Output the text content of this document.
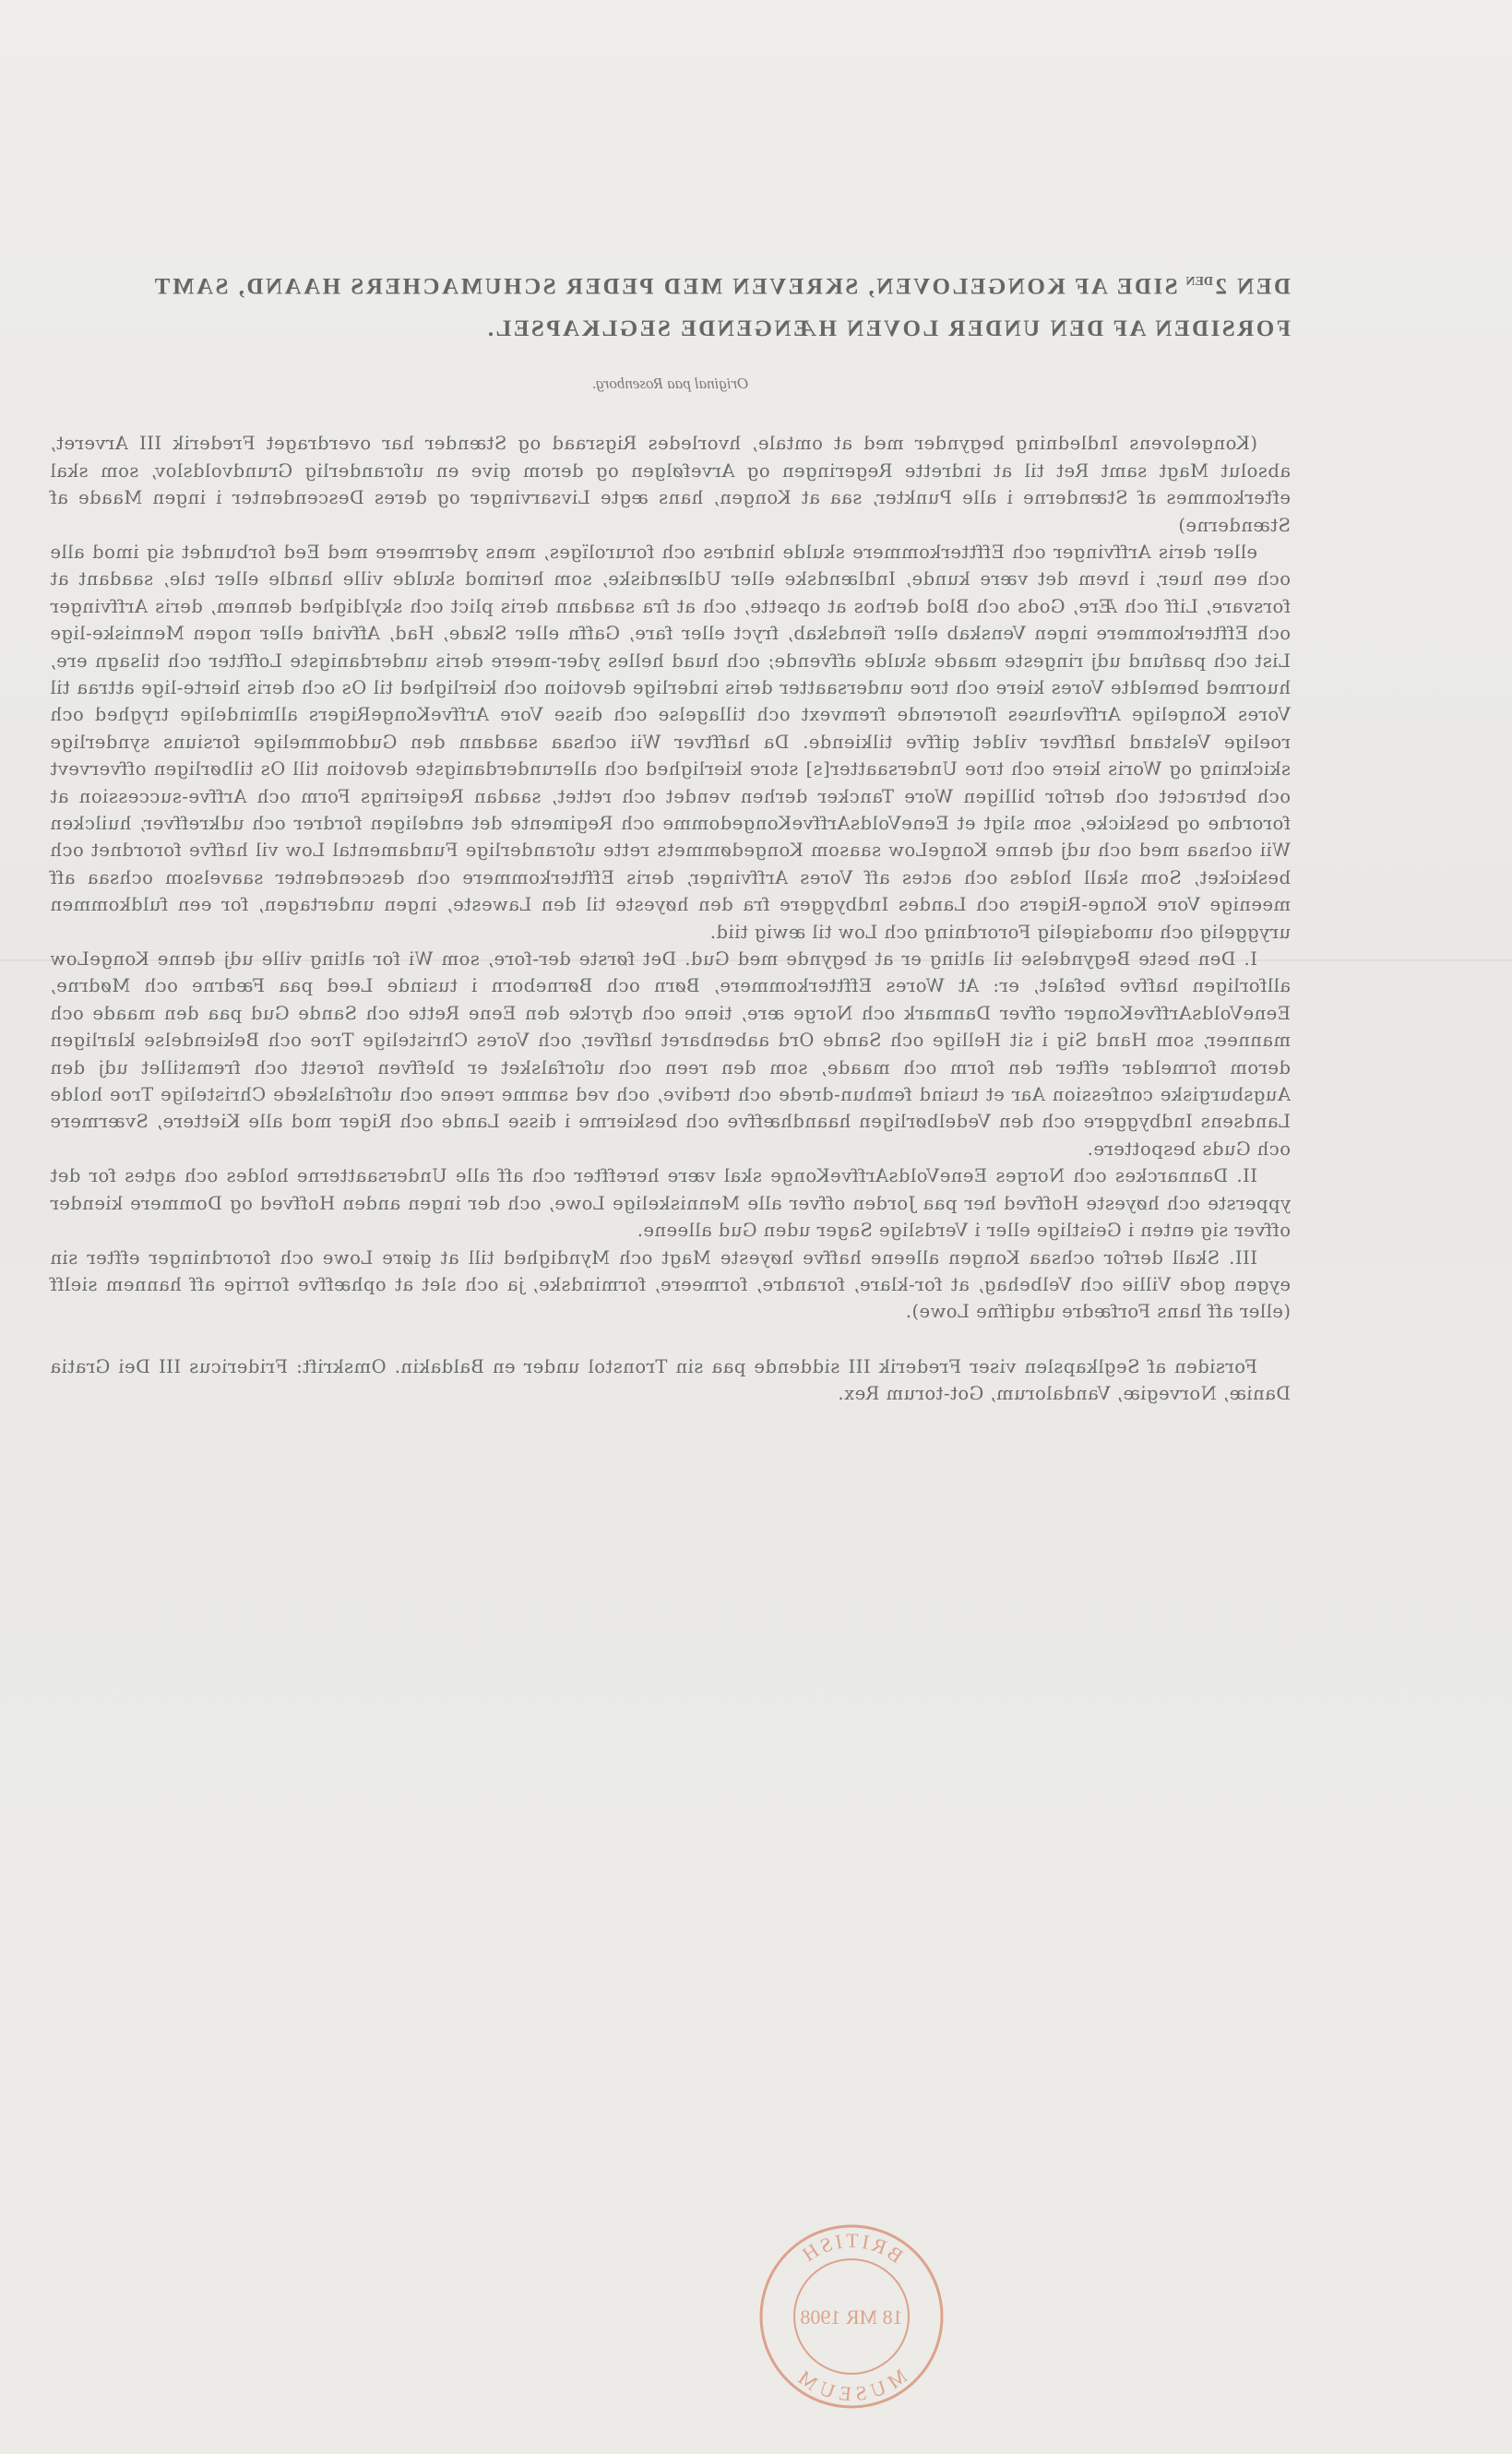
DEN $2^{DEN}$ SIDE AF KONGELOVEN, SKREVEN MED PEDER SCHUMACHERS HAAND, SAMT FORSIDEN AF DEN UNDER LOVEN HÆNGENDE SEGLKAPSEL.
Original paa Rosenborg.

(Kongelovens Indledning begynder med at omtale, hvorledes Rigsraad og Stænder har overdraget Frederik III Arveret, absolut Magt samt Ret til at indrette Regeringen og Arvefølgen og derom give en uforanderlig Grundvoldslov, som skal efterkommes af Stænderne i alle Punkter, saa at Kongen, hans ægte Livsarvinger og deres Descendenter i ingen Maade af Stænderne)

eller deris Arffvinger och Efftterkommere skulde hindres och forurolïges, mens ydermeere med Eed forbundet sig imod alle och een huer, i hvem det være kunde, Indlændske eller Udlændiske, som herimod skulde ville handle eller tale, saadant at forsvare, Liff och Ære, Gods och Blod derhos at opsette, och at fra saadann deris plict och skyldighed dennem, deris Arffvinger och Efftterkommere ingen Venskab eller fiendskab, fryct eller fare, Gaffn eller Skade, Had, Affvind eller nogen Menniske-lige List och paafund udj ringeste maade skulde affvende; och huad helles yder-meere deris underdanigste Lofftter och tilsagn ere, huormed bemeldte Vores kiere och troe undersaatter deris inderlige devotion och kierlighed til Os och deris hierte-lige attraa til Vores Kongelige Arffvehuses florerende fremvext och tillagelse och disse Vore ArffveKongeRigers allmindelige tryghed och roelige Velstand hafftver vildet giffve tilkiende. Da hafftver Wii ochsaa saadann den Guddommelige forsiuns synderlige skickning og Woris kiere och troe Undersaatter[s] store kierlighed och allerunderdanigste devotion till Os tilbørligen offvervevt och betractet och derfor billigen Wore Tancker derhen vendet och rettet, saadan Regierings Form och Arffve-succession at forordne og beskicke, som sligt et EeneVoldsArffveKongedomme och Regimente det endeligen fordrer och udkreffver, huilcken Wii ochsaa med och udj denne KongeLow saasom Kongedømmets rette uforanderlige Fundamental Low vil haffve forordnet och beskicket, Som skall holdes och actes aff Vores Arffvinger, deris Efftterkommere och descendenter saavelsom ochsaa aff meenige Vore Konge-Rigers och Landes Indbyggere fra den høyeste til den Laweste, ingen undertagen, for een fuldkommen uryggelig och umodsigelig Forordning och Low til æwig tiid.

I. Den beste Begyndelse til alting er at begynde med Gud. Det første der-fore, som Wi for alting ville udj denne KongeLow allforligen haffve befalet, er: At Wores Efftterkommere, Børn och Børneborn i tusinde Leed paa Fædrne och Mødrne, EeneVoldsArffveKonger offver Danmark och Norge ære, tiene och dyrcke den Eene Rette och Sande Gud paa den maade och manneer, som Hand Sig i sit Hellige och Sande Ord aabenbaret haffver, och Vores Christelige Troe och Bekiendelse klarligen derom formelder effter den form och maade, som den reen och uforfalsket er bleffven forestt och fremstillet udj den Augsburgiske confession Aar et tusind femhun-drede och tredive, och ved samme reene och uforfalskede Christelige Troe holde Landsens Indbyggere och den Vedelbørligen haandhæffve och beskierme i disse Lande och Riger mod alle Kiettere, Sværmere och Guds bespottere.

II. Dannarckes och Norges EeneVoldsArffveKonge skal være hereffter och aff alle Undersaatterne holdes och agtes for det ypperste och høyeste Hoffved her paa Jorden offver alle Menniskelige Lowe, och der ingen anden Hoffved og Dommere kiender offver sig enten i Geistlige eller i Verdslige Sager uden Gud alleene.

III. Skall derfor ochsaa Kongen alleene haffve høyeste Magt och Myndighed till at giøre Lowe och forordninger effter sin eygen gode Villie och Velbehag, at for-klare, forandre, formeere, formindske, ja och slet at ophæffve forrige aff hannem sielff (eller aff hans Forfædre udgiffne Lowe).

Forsiden af Seglkapslen viser Frederik III siddende paa sin Tronstol under en Baldakin. Omskrift: Fridericus III Dei Gratia Daniæ, Norvegiæ, Vandalorum, Got-torum Rex.
BRITISH
MUSEUM
18 MR 1908
